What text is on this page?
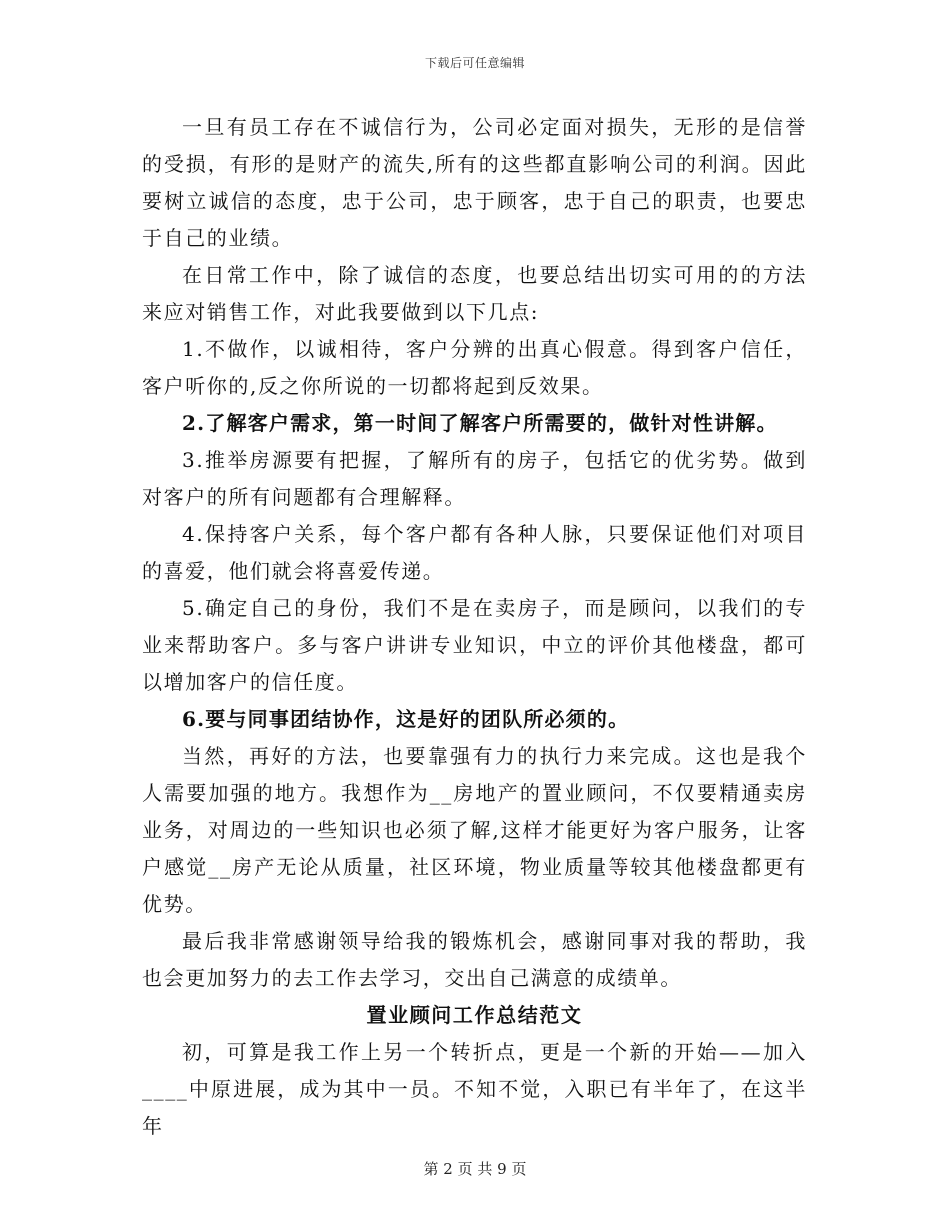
下载后可任意编辑

一旦有员工存在不诚信行为，公司必定面对损失，无形的是信誉的受损，有形的是财产的流失,所有的这些都直影响公司的利润。因此要树立诚信的态度，忠于公司，忠于顾客，忠于自己的职责，也要忠于自己的业绩。

在日常工作中，除了诚信的态度，也要总结出切实可用的的方法来应对销售工作，对此我要做到以下几点:

1.不做作，以诚相待，客户分辨的出真心假意。得到客户信任，客户听你的,反之你所说的一切都将起到反效果。

2.了解客户需求，第一时间了解客户所需要的，做针对性讲解。

3.推举房源要有把握，了解所有的房子，包括它的优劣势。做到对客户的所有问题都有合理解释。

4.保持客户关系，每个客户都有各种人脉，只要保证他们对项目的喜爱，他们就会将喜爱传递。

5.确定自己的身份，我们不是在卖房子，而是顾问，以我们的专业来帮助客户。多与客户讲讲专业知识，中立的评价其他楼盘，都可以增加客户的信任度。

6.要与同事团结协作，这是好的团队所必须的。

当然，再好的方法，也要靠强有力的执行力来完成。这也是我个人需要加强的地方。我想作为__房地产的置业顾问，不仅要精通卖房业务，对周边的一些知识也必须了解,这样才能更好为客户服务，让客户感觉__房产无论从质量，社区环境，物业质量等较其他楼盘都更有优势。

最后我非常感谢领导给我的锻炼机会，感谢同事对我的帮助，我也会更加努力的去工作去学习，交出自己满意的成绩单。

置业顾问工作总结范文

初，可算是我工作上另一个转折点，更是一个新的开始——加入____中原进展，成为其中一员。不知不觉，入职已有半年了，在这半年

第 2 页 共 9 页
